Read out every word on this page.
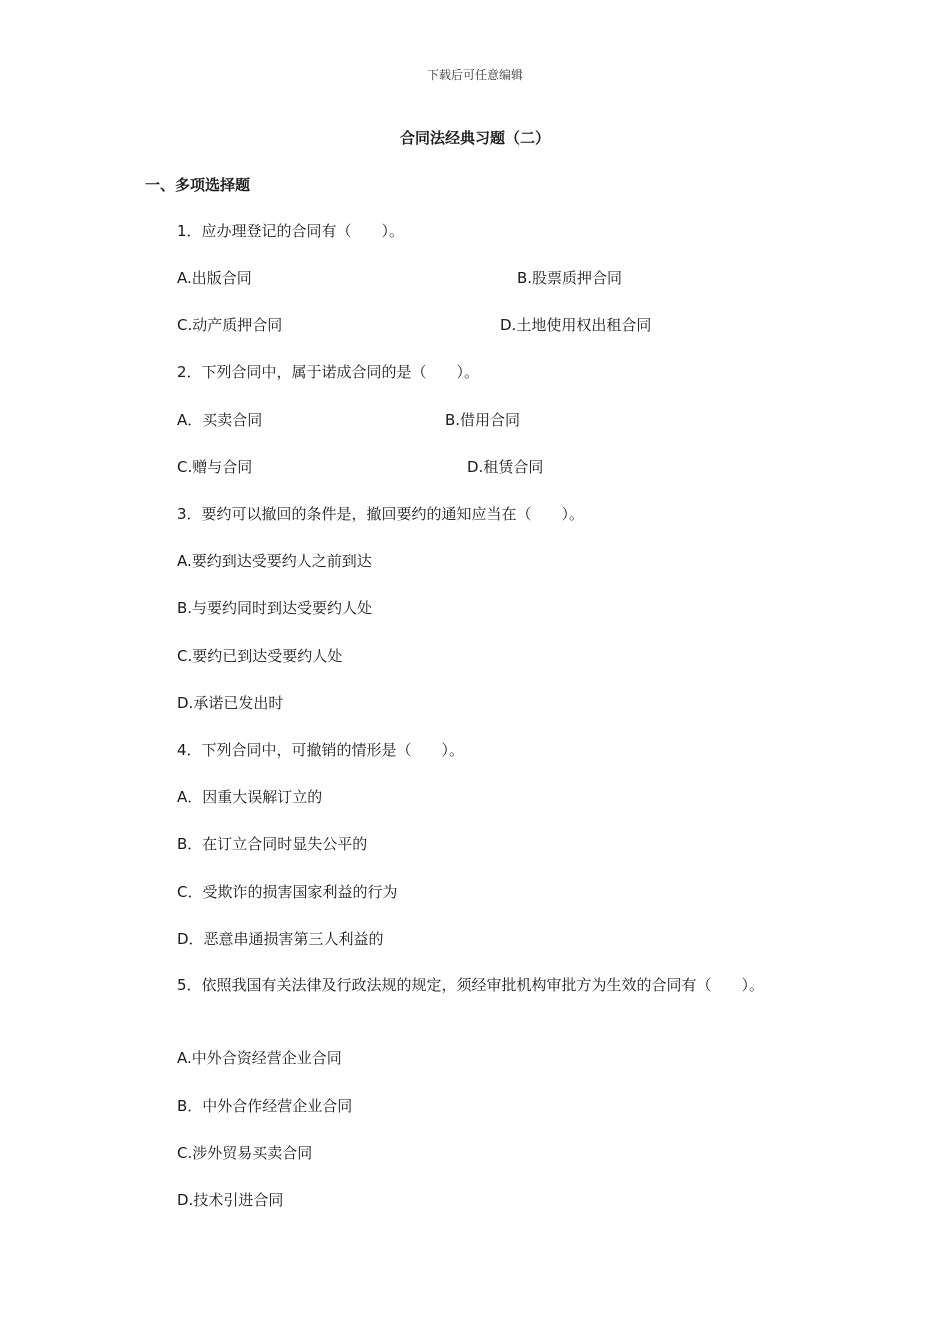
下载后可任意编辑
合同法经典习题（二）
一、多项选择题
1．应办理登记的合同有（　　）。
A.出版合同	B.股票质押合同
C.动产质押合同	D.土地使用权出租合同
2．下列合同中，属于诺成合同的是（　　）。
A．买卖合同	B.借用合同
C.赠与合同	D.租赁合同
3．要约可以撤回的条件是，撤回要约的通知应当在（　　）。
A.要约到达受要约人之前到达
B.与要约同时到达受要约人处
C.要约已到达受要约人处
D.承诺已发出时
4．下列合同中，可撤销的情形是（　　）。
A．因重大误解订立的
B．在订立合同时显失公平的
C．受欺诈的损害国家利益的行为
D．恶意串通损害第三人利益的
5．依照我国有关法律及行政法规的规定，须经审批机构审批方为生效的合同有（　　）。
A.中外合资经营企业合同
B．中外合作经营企业合同
C.涉外贸易买卖合同
D.技术引进合同
